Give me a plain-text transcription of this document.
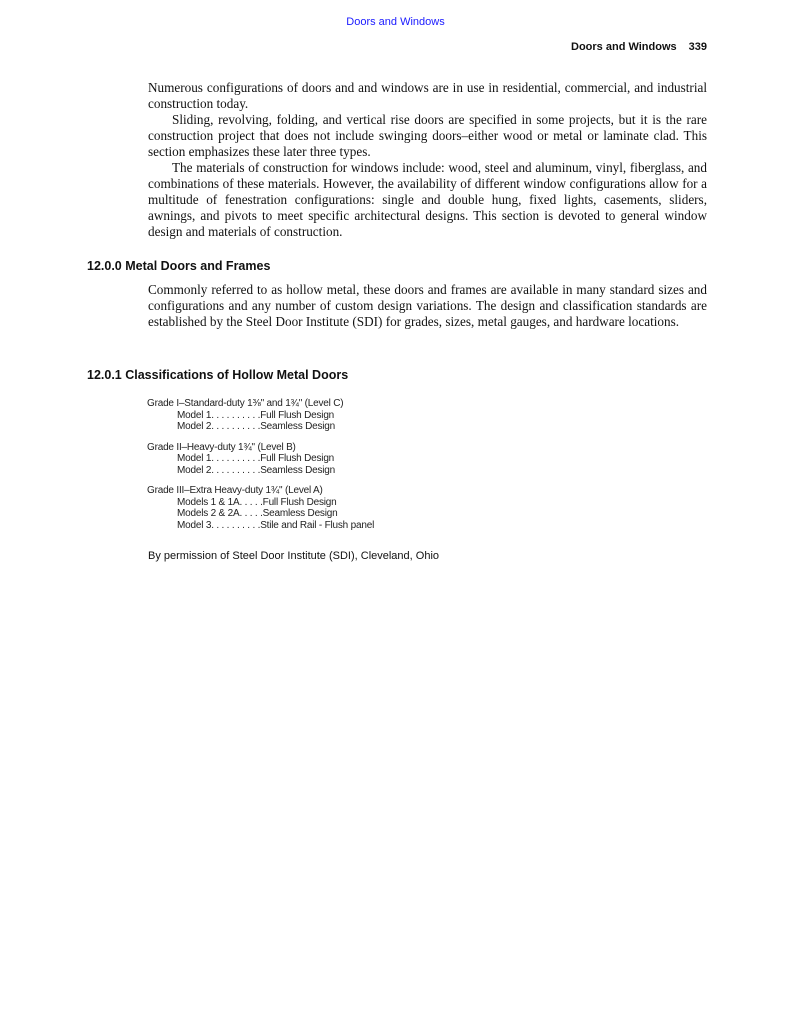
Doors and Windows
Doors and Windows 339

Numerous configurations of doors and and windows are in use in residential, commercial, and industrial construction today.

Sliding, revolving, folding, and vertical rise doors are specified in some projects, but it is the rare construction project that does not include swinging doors–either wood or metal or laminate clad. This section emphasizes these later three types.

The materials of construction for windows include: wood, steel and aluminum, vinyl, fiberglass, and combinations of these materials. However, the availability of different window configurations allow for a multitude of fenestration configurations: single and double hung, fixed lights, casements, sliders, awnings, and pivots to meet specific architectural designs. This section is devoted to general window design and materials of construction.

12.0.0 Metal Doors and Frames

Commonly referred to as hollow metal, these doors and frames are available in many standard sizes and configurations and any number of custom design variations. The design and classification standards are established by the Steel Door Institute (SDI) for grades, sizes, metal gauges, and hardware locations.

12.0.1 Classifications of Hollow Metal Doors
Grade I–Standard-duty 1⅜" and 1¾" (Level C)
Model 1. . . . . . . . . .Full Flush Design
Model 2. . . . . . . . . .Seamless Design
Grade II–Heavy-duty 1¾" (Level B)
Model 1. . . . . . . . . .Full Flush Design
Model 2. . . . . . . . . .Seamless Design
Grade III–Extra Heavy-duty 1¾" (Level A)
Models 1 & 1A. . . . .Full Flush Design
Models 2 & 2A. . . . .Seamless Design
Model 3. . . . . . . . . .Stile and Rail - Flush panel
By permission of Steel Door Institute (SDI), Cleveland, Ohio
